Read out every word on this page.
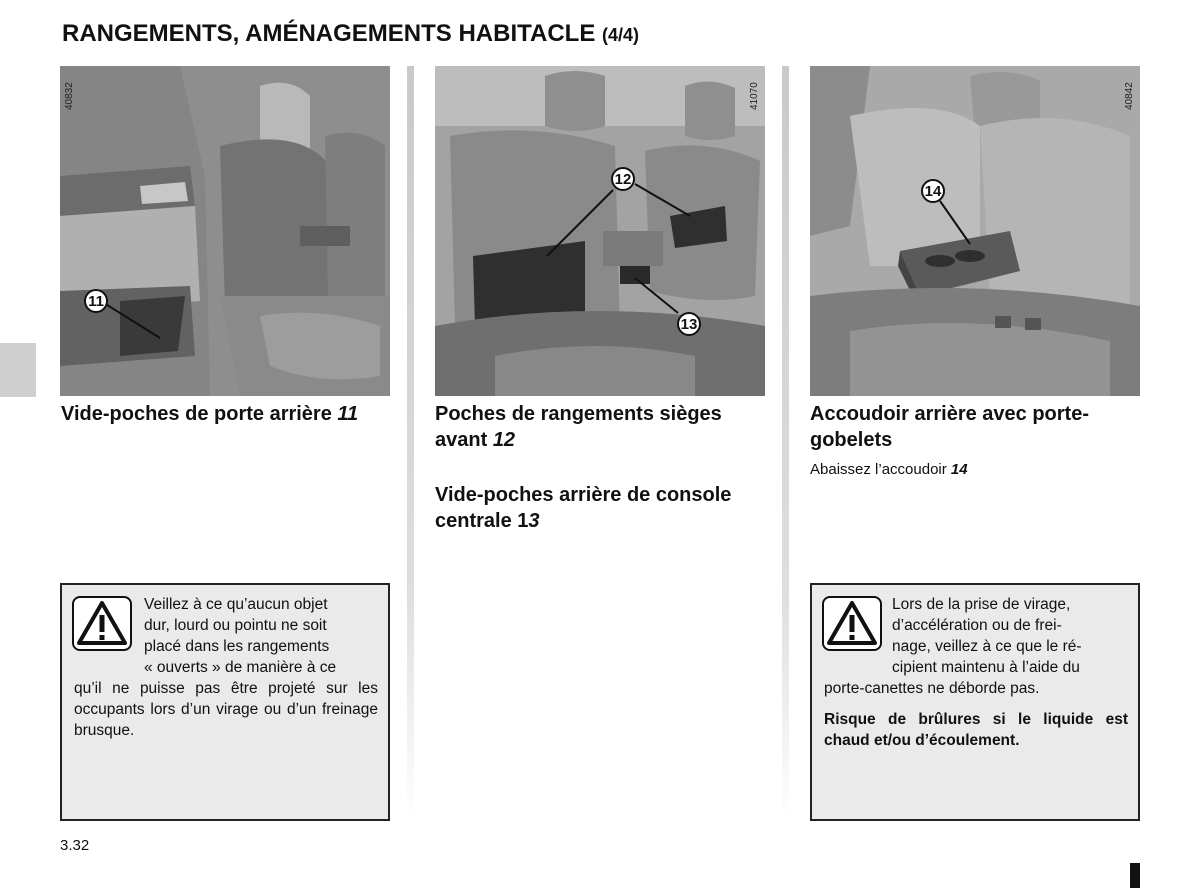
RANGEMENTS, AMÉNAGEMENTS HABITACLE (4/4)
40832
11
41070
12
13
40842
14
Vide-poches de porte arrière 11	Poches de rangements sièges avant 12
Vide-poches arrière de console centrale 13
Accoudoir arrière avec porte-gobelets
Abaissez l’accoudoir 14
Veillez à ce qu’aucun objet
dur, lourd ou pointu ne soit
placé dans les rangements
« ouverts » de manière à ce
qu’il ne puisse pas être projeté sur les occupants lors d’un virage ou d’un freinage brusque.
Lors de la prise de virage,
d’accélération ou de frei-
nage, veillez à ce que le ré-
cipient maintenu à l’aide du
porte-canettes ne déborde pas.
Risque de brûlures si le liquide est chaud et/ou d’écoulement.
3.32
